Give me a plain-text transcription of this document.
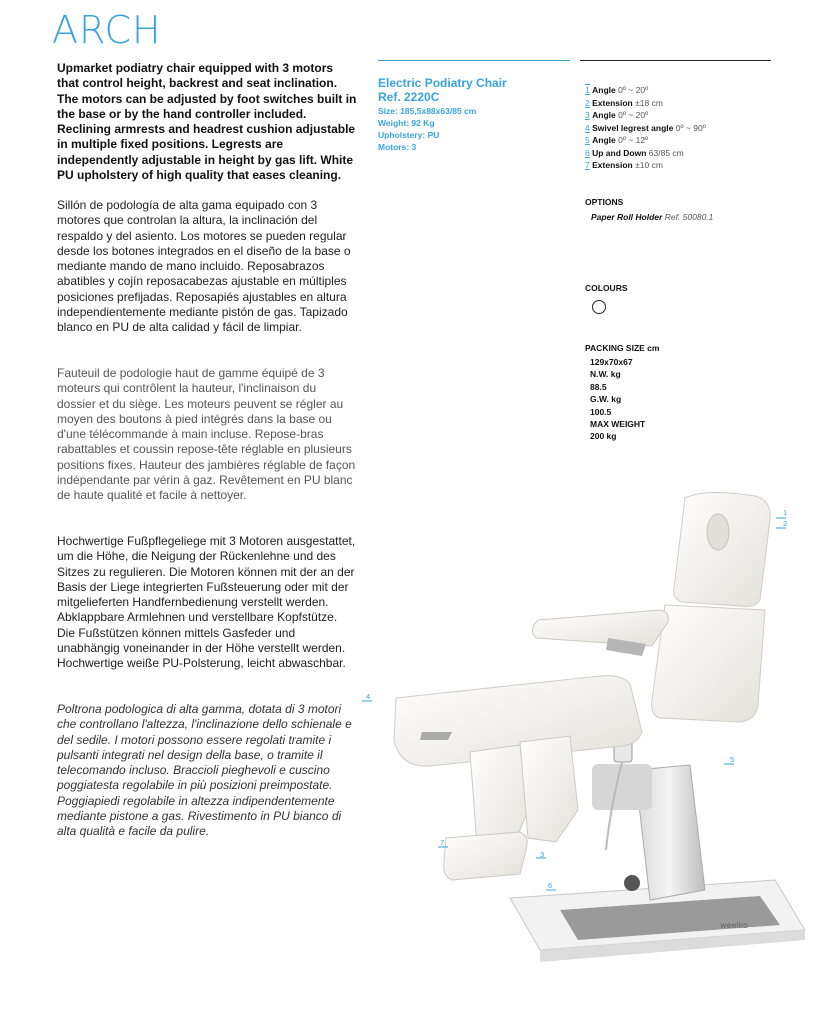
ARCH

Upmarket podiatry chair equipped with 3 motors that control height, backrest and seat inclination. The motors can be adjusted by foot switches built in the base or by the hand controller included. Reclining armrests and headrest cushion adjustable in multiple fixed positions. Legrests are independently adjustable in height by gas lift. White PU upholstery of high quality that eases cleaning.

Sillón de podología de alta gama equipado con 3 motores que controlan la altura, la inclinación del respaldo y del asiento. Los motores se pueden regular desde los botones integrados en el diseño de la base o mediante mando de mano incluido. Reposabrazos abatibles y cojín reposacabezas ajustable en múltiples posiciones prefijadas. Reposapiés ajustables en altura independientemente mediante pistón de gas. Tapizado blanco en PU de alta calidad y fácil de limpiar.

Fauteuil de podologie haut de gamme équipé de 3 moteurs qui contrôlent la hauteur, l'inclinaison du dossier et du siège. Les moteurs peuvent se régler au moyen des boutons à pied intégrés dans la base ou d'une télécommande à main incluse. Repose-bras rabattables et coussin repose-tête réglable en plusieurs positions fixes. Hauteur des jambières réglable de façon indépendante par vérin à gaz. Revêtement en PU blanc de haute qualité et facile à nettoyer.

Hochwertige Fußpflegeliege mit 3 Motoren ausgestattet, um die Höhe, die Neigung der Rückenlehne und des Sitzes zu regulieren. Die Motoren können mit der an der Basis der Liege integrierten Fußsteuerung oder mit der mitgelieferten Handfernbedienung verstellt werden. Abklappbare Armlehnen und verstellbare Kopfstütze. Die Fußstützen können mittels Gasfeder und unabhängig voneinander in der Höhe verstellt werden. Hochwertige weiße PU-Polsterung, leicht abwaschbar.

Poltrona podologica di alta gamma, dotata di 3 motori che controllano l'altezza, l'inclinazione dello schienale e del sedile. I motori possono essere regolati tramite i pulsanti integrati nel design della base, o tramite il telecomando incluso. Braccioli pieghevoli e cuscino poggiatesta regolabile in più posizioni preimpostate. Poggiapiedi regolabile in altezza indipendentemente mediante pistone a gas. Rivestimento in PU bianco di alta qualità e facile da pulire.

Electric Podiatry Chair
Ref. 2220C
Size: 185,5x88x63/85 cm
Weight: 92 Kg
Upholstery: PU
Motors: 3
_
1 Angle 0º ~ 20º
2 Extension ±18 cm
3 Angle 0º ~ 20º
4 Swivel legrest angle 0º ~ 90º
5 Angle 0º ~ 12º
6 Up and Down 63/85 cm
7 Extension ±10 cm
OPTIONS
Paper Roll Holder Ref. 50080.1
COLOURS
PACKING SIZE cm
129x70x67
N.W. kg
88.5
G.W. kg
100.5
MAX WEIGHT
200 kg
weelko
1
2
3
4
5
6
7
